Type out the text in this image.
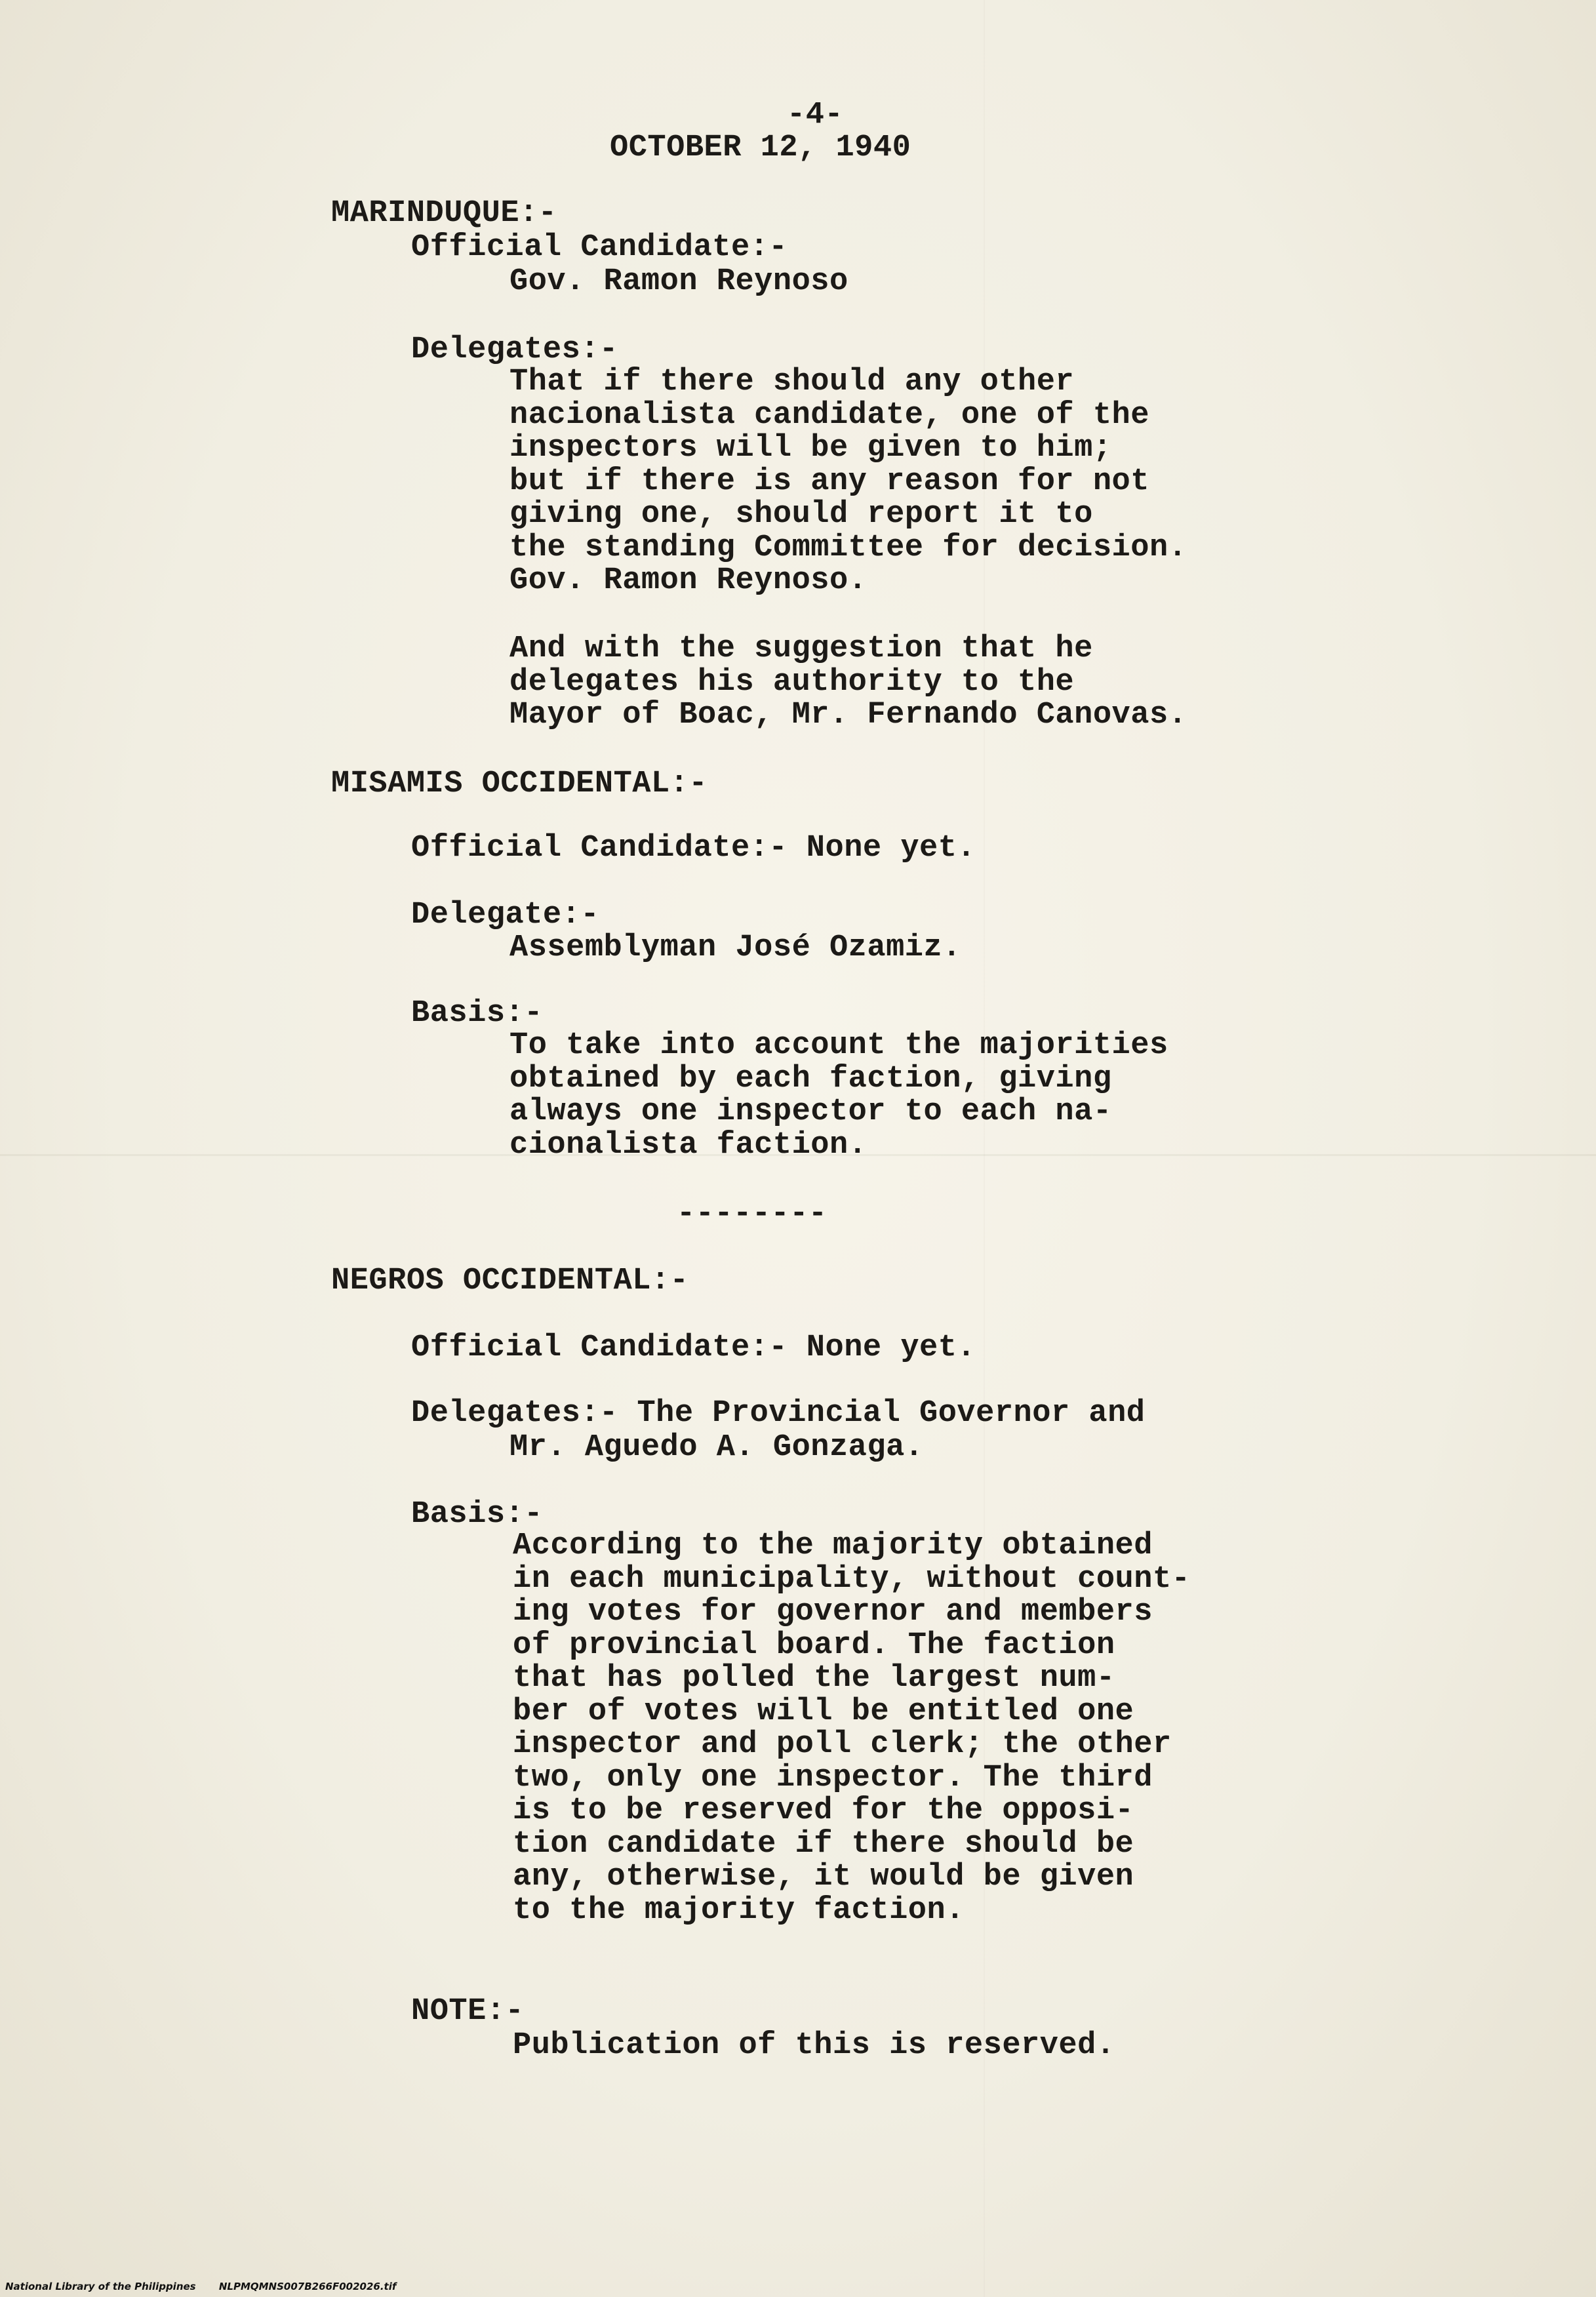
-4-

OCTOBER 12, 1940

MARINDUQUE:-

Official Candidate:-

Gov. Ramon Reynoso

Delegates:-

That if there should any other
nacionalista candidate, one of the
inspectors will be given to him;
but if there is any reason for not
giving one, should report it to
the standing Committee for decision.
Gov. Ramon Reynoso.
And with the suggestion that he
delegates his authority to the
Mayor of Boac, Mr. Fernando Canovas.

MISAMIS OCCIDENTAL:-

Official Candidate:- None yet.

Delegate:-

Assemblyman José Ozamiz.

Basis:-

To take into account the majorities
obtained by each faction, giving
always one inspector to each na-
cionalista faction.

--------

NEGROS OCCIDENTAL:-

Official Candidate:- None yet.

Delegates:- The Provincial Governor and

Mr. Aguedo A. Gonzaga.

Basis:-

According to the majority obtained
in each municipality, without count-
ing votes for governor and members
of provincial board. The faction
that has polled the largest num-
ber of votes will be entitled one
inspector and poll clerk; the other
two, only one inspector. The third
is to be reserved for the opposi-
tion candidate if there should be
any, otherwise, it would be given
to the majority faction.

NOTE:-

Publication of this is reserved.

National Library of the Philippines NLPMQMNS007B266F002026.tif
